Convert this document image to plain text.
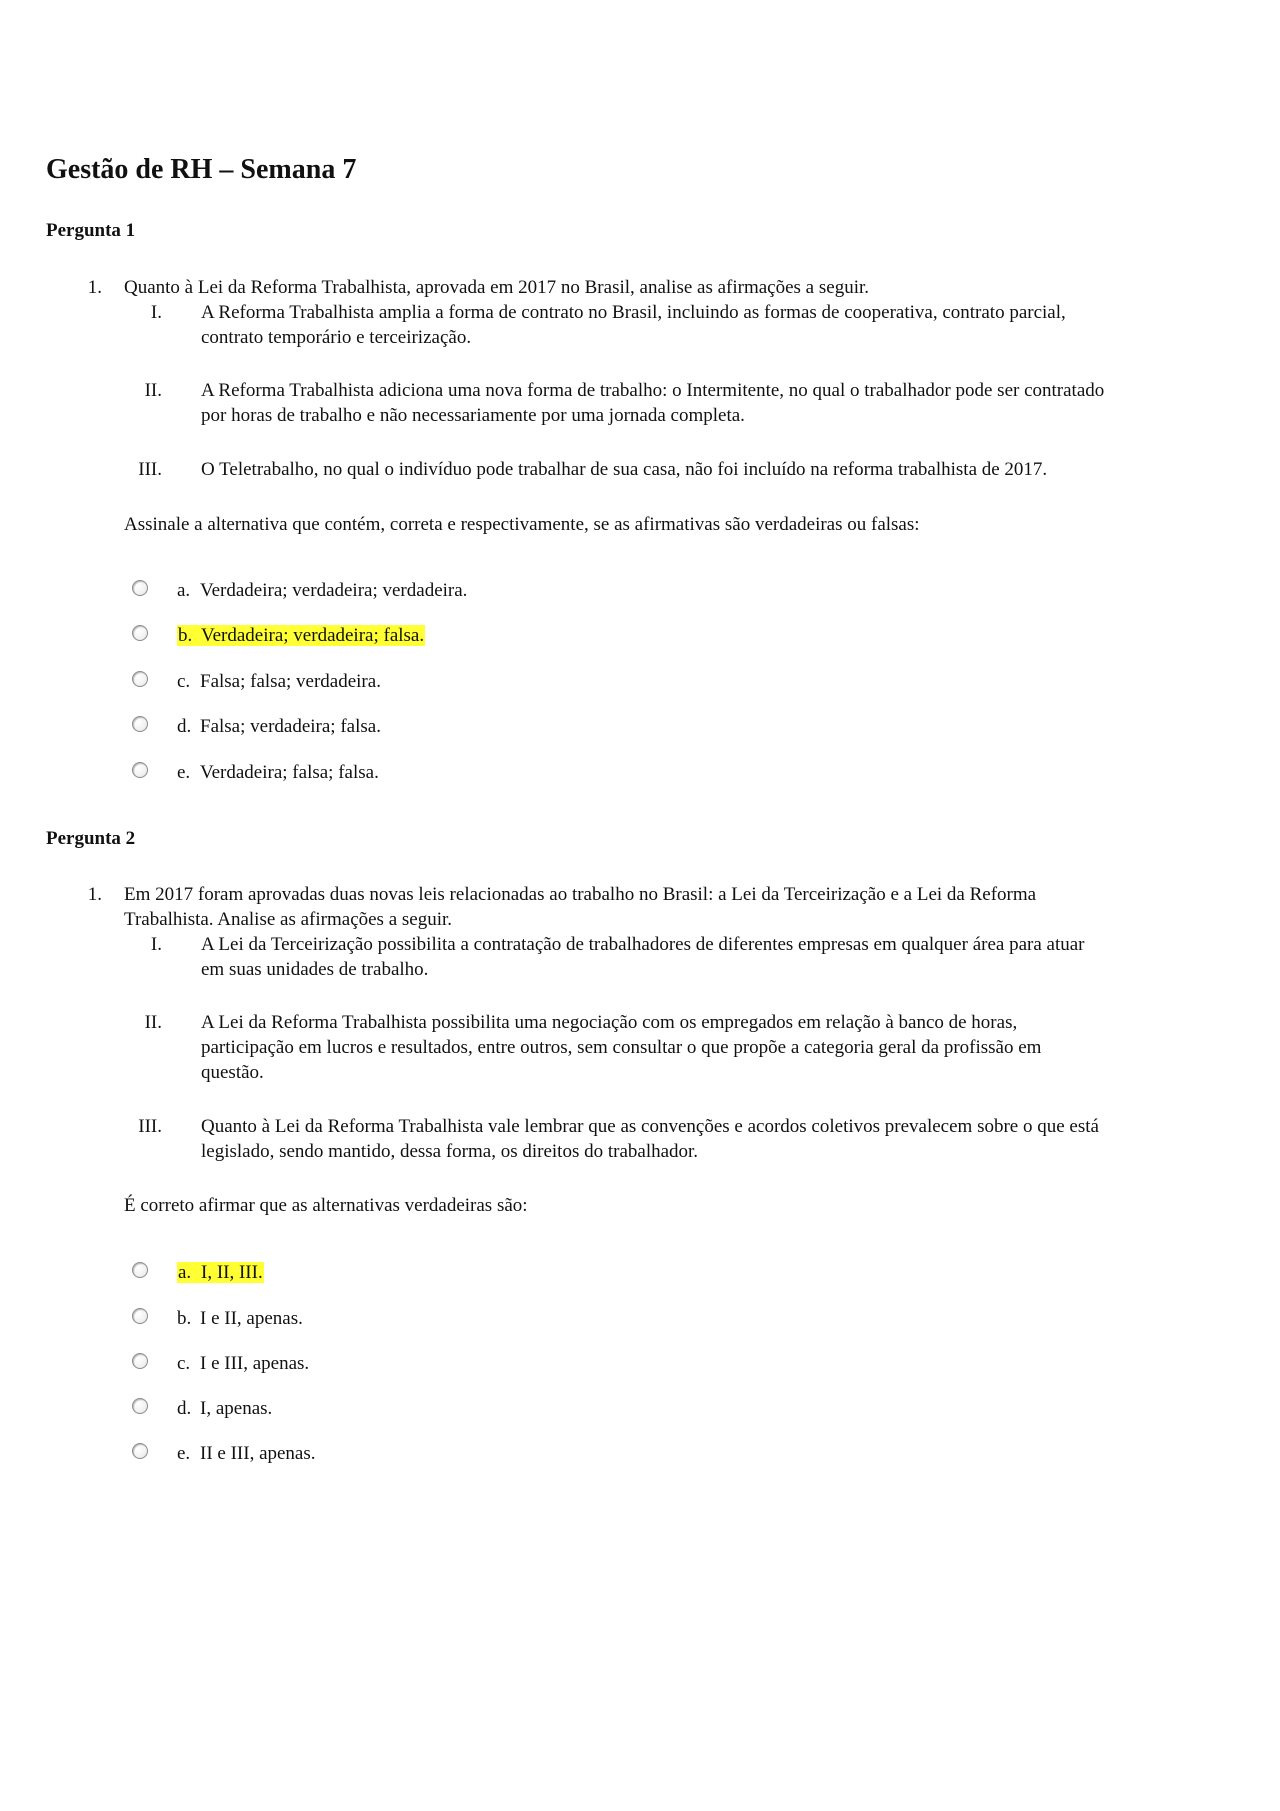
Gestão de RH – Semana 7
Pergunta 1
1. Quanto à Lei da Reforma Trabalhista, aprovada em 2017 no Brasil, analise as afirmações a seguir.
I. A Reforma Trabalhista amplia a forma de contrato no Brasil, incluindo as formas de cooperativa, contrato parcial,
contrato temporário e terceirização.
II. A Reforma Trabalhista adiciona uma nova forma de trabalho: o Intermitente, no qual o trabalhador pode ser contratado
por horas de trabalho e não necessariamente por uma jornada completa.
III. O Teletrabalho, no qual o indivíduo pode trabalhar de sua casa, não foi incluído na reforma trabalhista de 2017.
Assinale a alternativa que contém, correta e respectivamente, se as afirmativas são verdadeiras ou falsas:
a. Verdadeira; verdadeira; verdadeira.
b. Verdadeira; verdadeira; falsa.
c. Falsa; falsa; verdadeira.
d. Falsa; verdadeira; falsa.
e. Verdadeira; falsa; falsa.
Pergunta 2
1. Em 2017 foram aprovadas duas novas leis relacionadas ao trabalho no Brasil: a Lei da Terceirização e a Lei da Reforma
Trabalhista. Analise as afirmações a seguir.
I. A Lei da Terceirização possibilita a contratação de trabalhadores de diferentes empresas em qualquer área para atuar
em suas unidades de trabalho.
II. A Lei da Reforma Trabalhista possibilita uma negociação com os empregados em relação à banco de horas,
participação em lucros e resultados, entre outros, sem consultar o que propõe a categoria geral da profissão em
questão.
III. Quanto à Lei da Reforma Trabalhista vale lembrar que as convenções e acordos coletivos prevalecem sobre o que está
legislado, sendo mantido, dessa forma, os direitos do trabalhador.
É correto afirmar que as alternativas verdadeiras são:
a. I, II, III.
b. I e II, apenas.
c. I e III, apenas.
d. I, apenas.
e. II e III, apenas.
